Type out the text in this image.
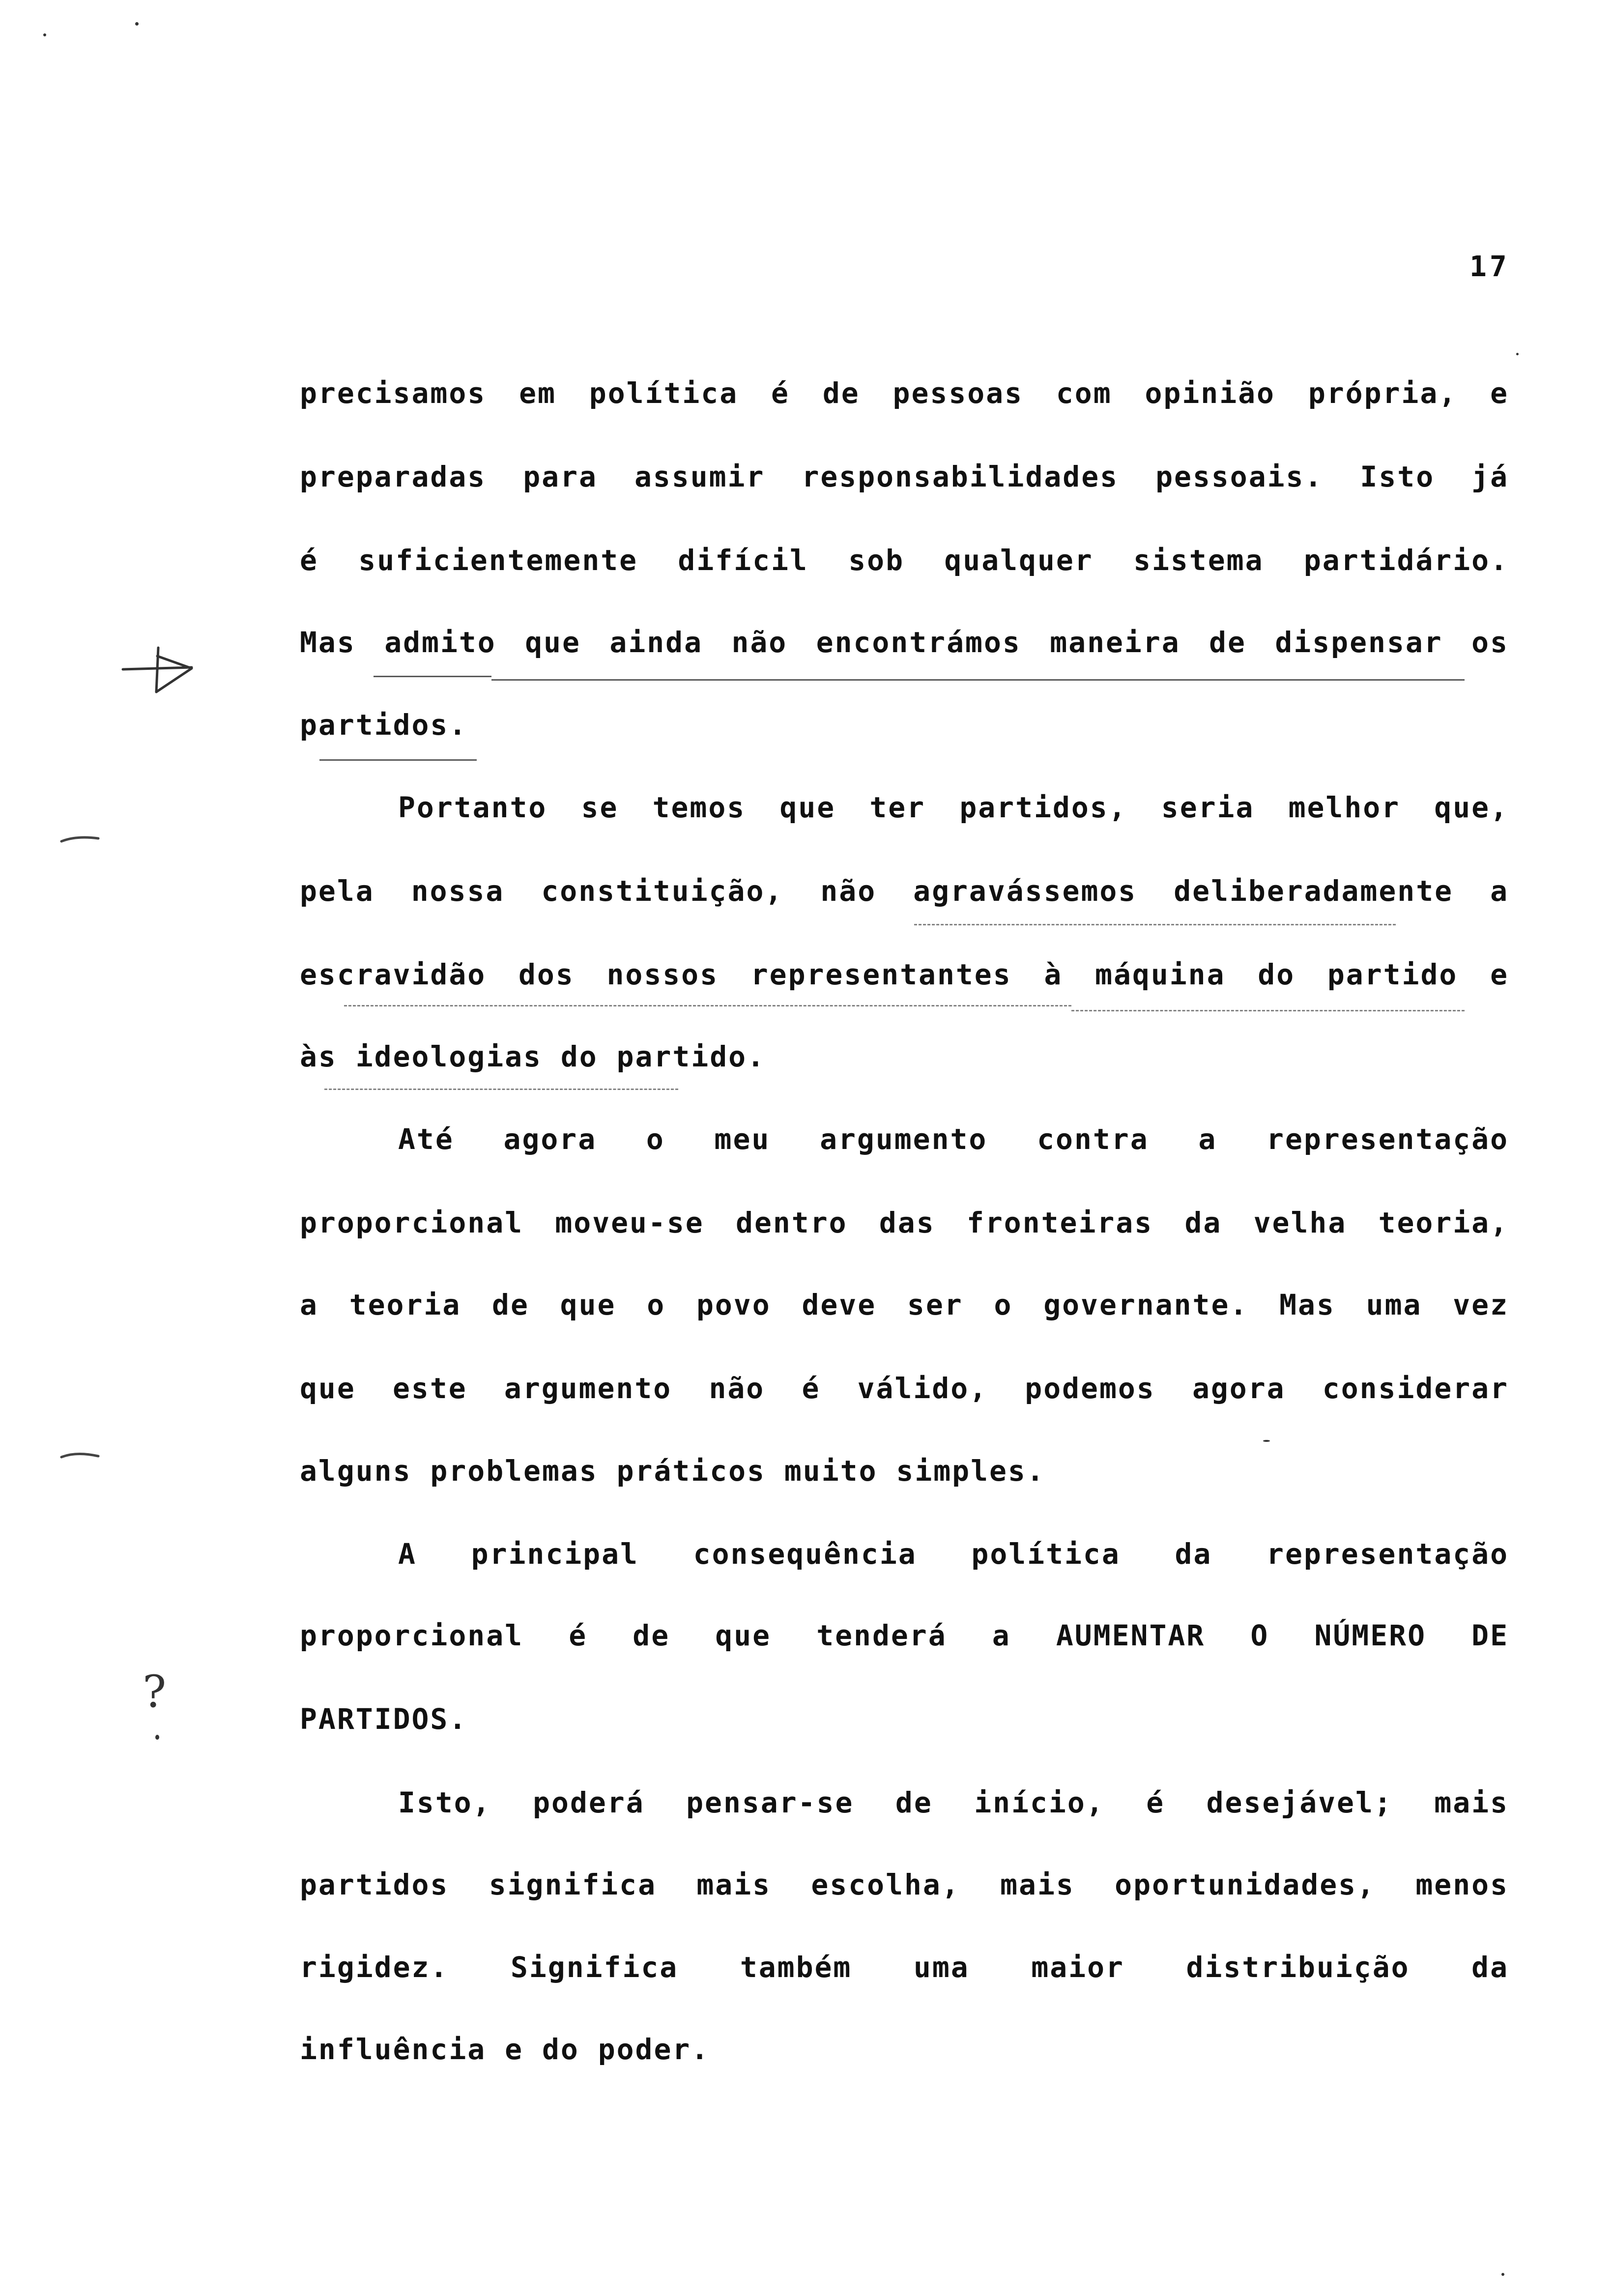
17
precisamos em política é de pessoas com opinião própria, e
preparadas para assumir responsabilidades pessoais. Isto já
é suficientemente difícil sob qualquer sistema partidário.
Mas admito que ainda não encontrámos maneira de dispensar os
partidos.
Portanto se temos que ter partidos, seria melhor que,
pela nossa constituição, não agravássemos deliberadamente a
escravidão dos nossos representantes à máquina do partido e
às ideologias do partido.
Até agora o meu argumento contra a representação
proporcional moveu-se dentro das fronteiras da velha teoria,
a teoria de que o povo deve ser o governante. Mas uma vez
que este argumento não é válido, podemos agora considerar
alguns problemas práticos muito simples.
A principal consequência política da representação
proporcional é de que tenderá a AUMENTAR O NÚMERO DE
PARTIDOS.
Isto, poderá pensar-se de início, é desejável; mais
partidos significa mais escolha, mais oportunidades, menos
rigidez. Significa também uma maior distribuição da
influência e do poder.
?
